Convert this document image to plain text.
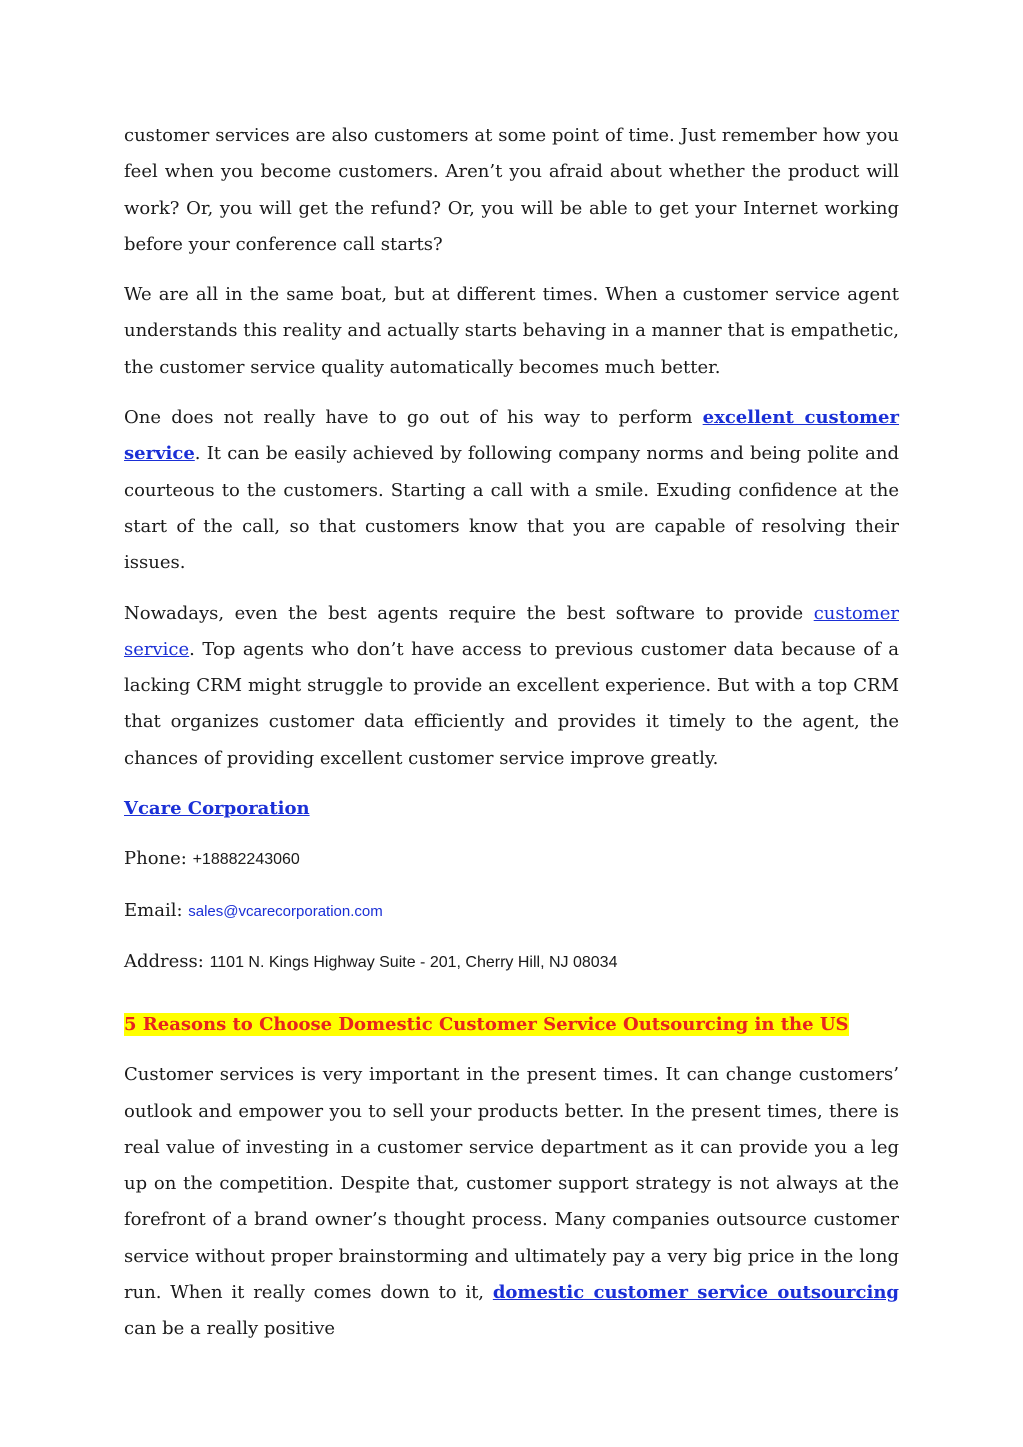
customer services are also customers at some point of time. Just remember how you feel when you become customers. Aren’t you afraid about whether the product will work? Or, you will get the refund? Or, you will be able to get your Internet working before your conference call starts?

We are all in the same boat, but at different times. When a customer service agent understands this reality and actually starts behaving in a manner that is empathetic, the customer service quality automatically becomes much better.

One does not really have to go out of his way to perform excellent customer service. It can be easily achieved by following company norms and being polite and courteous to the customers. Starting a call with a smile. Exuding confidence at the start of the call, so that customers know that you are capable of resolving their issues.

Nowadays, even the best agents require the best software to provide customer service. Top agents who don’t have access to previous customer data because of a lacking CRM might struggle to provide an excellent experience. But with a top CRM that organizes customer data efficiently and provides it timely to the agent, the chances of providing excellent customer service improve greatly.

Vcare Corporation

Phone: +18882243060

Email: sales@vcarecorporation.com

Address: 1101 N. Kings Highway Suite - 201, Cherry Hill, NJ 08034

5 Reasons to Choose Domestic Customer Service Outsourcing in the US

Customer services is very important in the present times. It can change customers’ outlook and empower you to sell your products better. In the present times, there is real value of investing in a customer service department as it can provide you a leg up on the competition. Despite that, customer support strategy is not always at the forefront of a brand owner’s thought process. Many companies outsource customer service without proper brainstorming and ultimately pay a very big price in the long run. When it really comes down to it, domestic customer service outsourcing can be a really positive
